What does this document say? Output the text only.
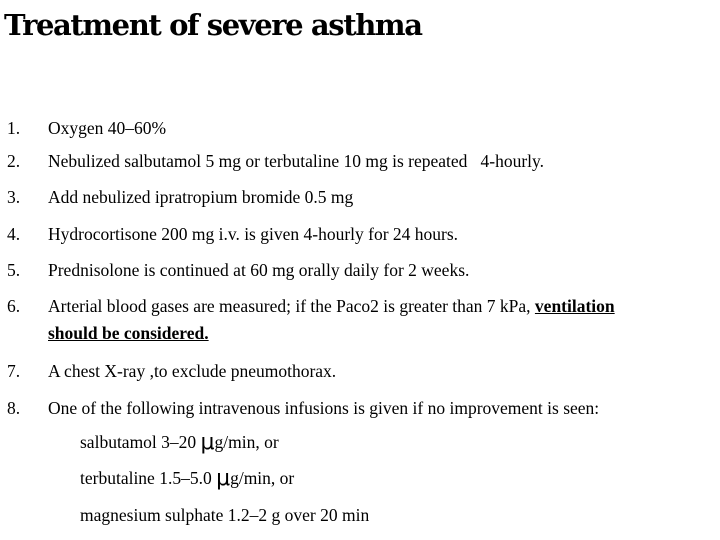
Treatment of severe asthma
1. Oxygen 40–60%
2. Nebulized salbutamol 5 mg or terbutaline 10 mg is repeated   4-hourly.
3. Add nebulized ipratropium bromide 0.5 mg
4. Hydrocortisone 200 mg i.v. is given 4-hourly for 24 hours.
5. Prednisolone is continued at 60 mg orally daily for 2 weeks.
6. Arterial blood gases are measured; if the Paco2 is greater than 7 kPa, ventilation
should be considered.
7. A chest X-ray ,to exclude pneumothorax.
8. One of the following intravenous infusions is given if no improvement is seen:
salbutamol 3–20 μg/min, or
terbutaline 1.5–5.0 μg/min, or
magnesium sulphate 1.2–2 g over 20 min
